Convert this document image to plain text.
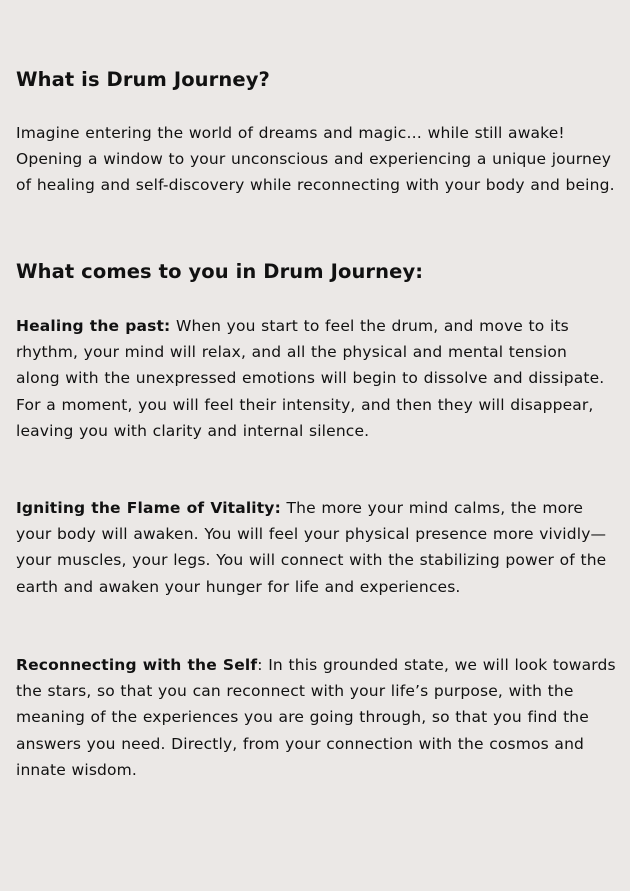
What is Drum Journey?

Imagine entering the world of dreams and magic… while still awake! Opening a window to your unconscious and experiencing a unique journey of healing and self-discovery while reconnecting with your body and being.

What comes to you in Drum Journey:

Healing the past: When you start to feel the drum, and move to its rhythm, your mind will relax, and all the physical and mental tension along with the unexpressed emotions will begin to dissolve and dissipate. For a moment, you will feel their intensity, and then they will disappear, leaving you with clarity and internal silence.

Igniting the Flame of Vitality: The more your mind calms, the more your body will awaken. You will feel your physical presence more vividly—your muscles, your legs. You will connect with the stabilizing power of the earth and awaken your hunger for life and experiences.

Reconnecting with the Self: In this grounded state, we will look towards the stars, so that you can reconnect with your life’s purpose, with the meaning of the experiences you are going through, so that you find the answers you need. Directly, from your connection with the cosmos and innate wisdom.
